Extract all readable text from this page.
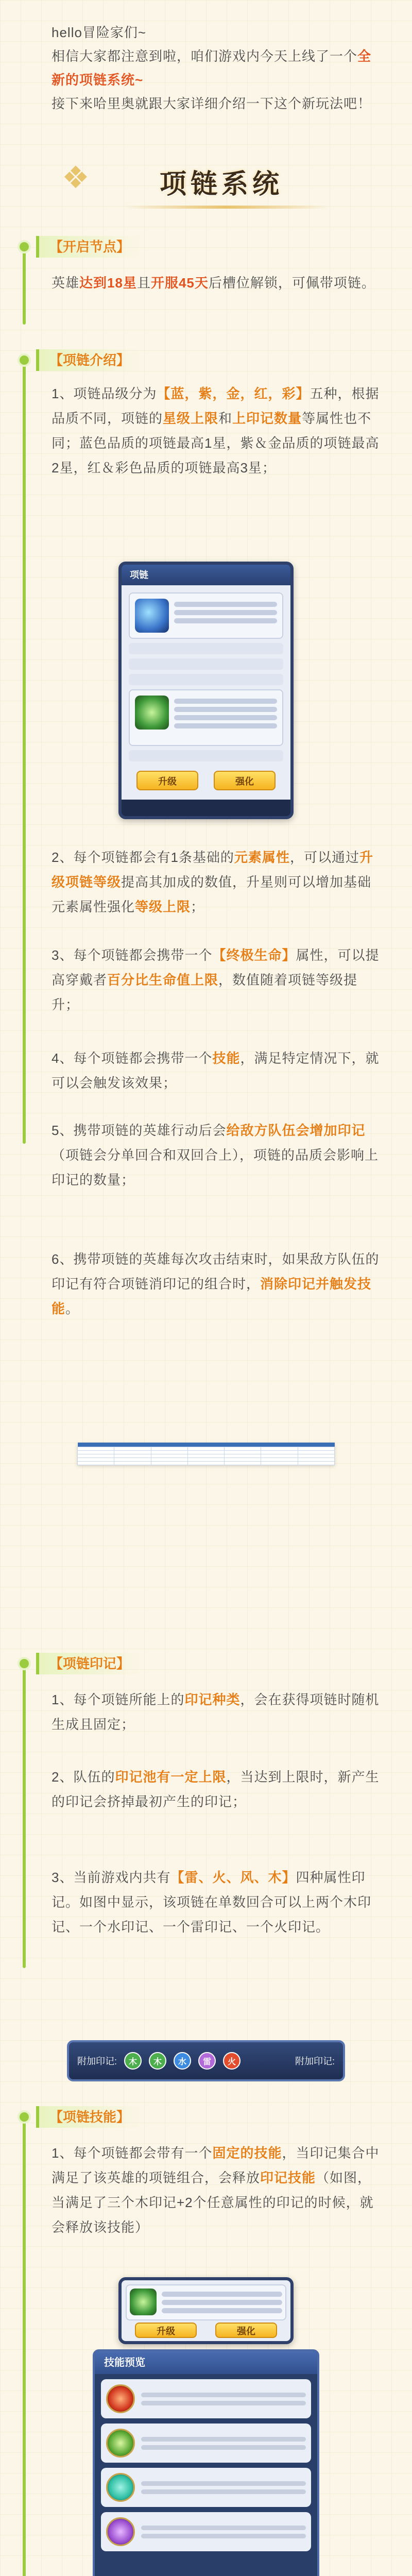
hello冒险家们~

相信大家都注意到啦，咱们游戏内今天上线了一个全新的项链系统~

接下来哈里奥就跟大家详细介绍一下这个新玩法吧！

❖	项链系统
【开启节点】
英雄达到18星且开服45天后槽位解锁，可佩带项链。
【项链介绍】
1、项链品级分为【蓝，紫，金，红，彩】五种，根据品质不同，项链的星级上限和上印记数量等属性也不同；蓝色品质的项链最高1星，紫＆金品质的项链最高2星，红＆彩色品质的项链最高3星；
项链
升级	强化
2、每个项链都会有1条基础的元素属性，可以通过升级项链等级提高其加成的数值，升星则可以增加基础元素属性强化等级上限；
3、每个项链都会携带一个【终极生命】属性，可以提高穿戴者百分比生命值上限，数值随着项链等级提升；
4、每个项链都会携带一个技能，满足特定情况下，就可以会触发该效果；
5、携带项链的英雄行动后会给敌方队伍会增加印记（项链会分单回合和双回合上），项链的品质会影响上印记的数量；
6、携带项链的英雄每次攻击结束时，如果敌方队伍的印记有符合项链消印记的组合时，消除印记并触发技能。

【项链印记】
1、每个项链所能上的印记种类，会在获得项链时随机生成且固定；
2、队伍的印记池有一定上限，当达到上限时，新产生的印记会挤掉最初产生的印记；
3、当前游戏内共有【雷、火、风、木】四种属性印记。如图中显示，该项链在单数回合可以上两个木印记、一个水印记、一个雷印记、一个火印记。
附加印记:	木	木	水	雷	火	附加印记:
【项链技能】
1、每个项链都会带有一个固定的技能，当印记集合中满足了该英雄的项链组合，会释放印记技能（如图，当满足了三个木印记+2个任意属性的印记的时候，就会释放该技能）
升级	强化
技能预览
